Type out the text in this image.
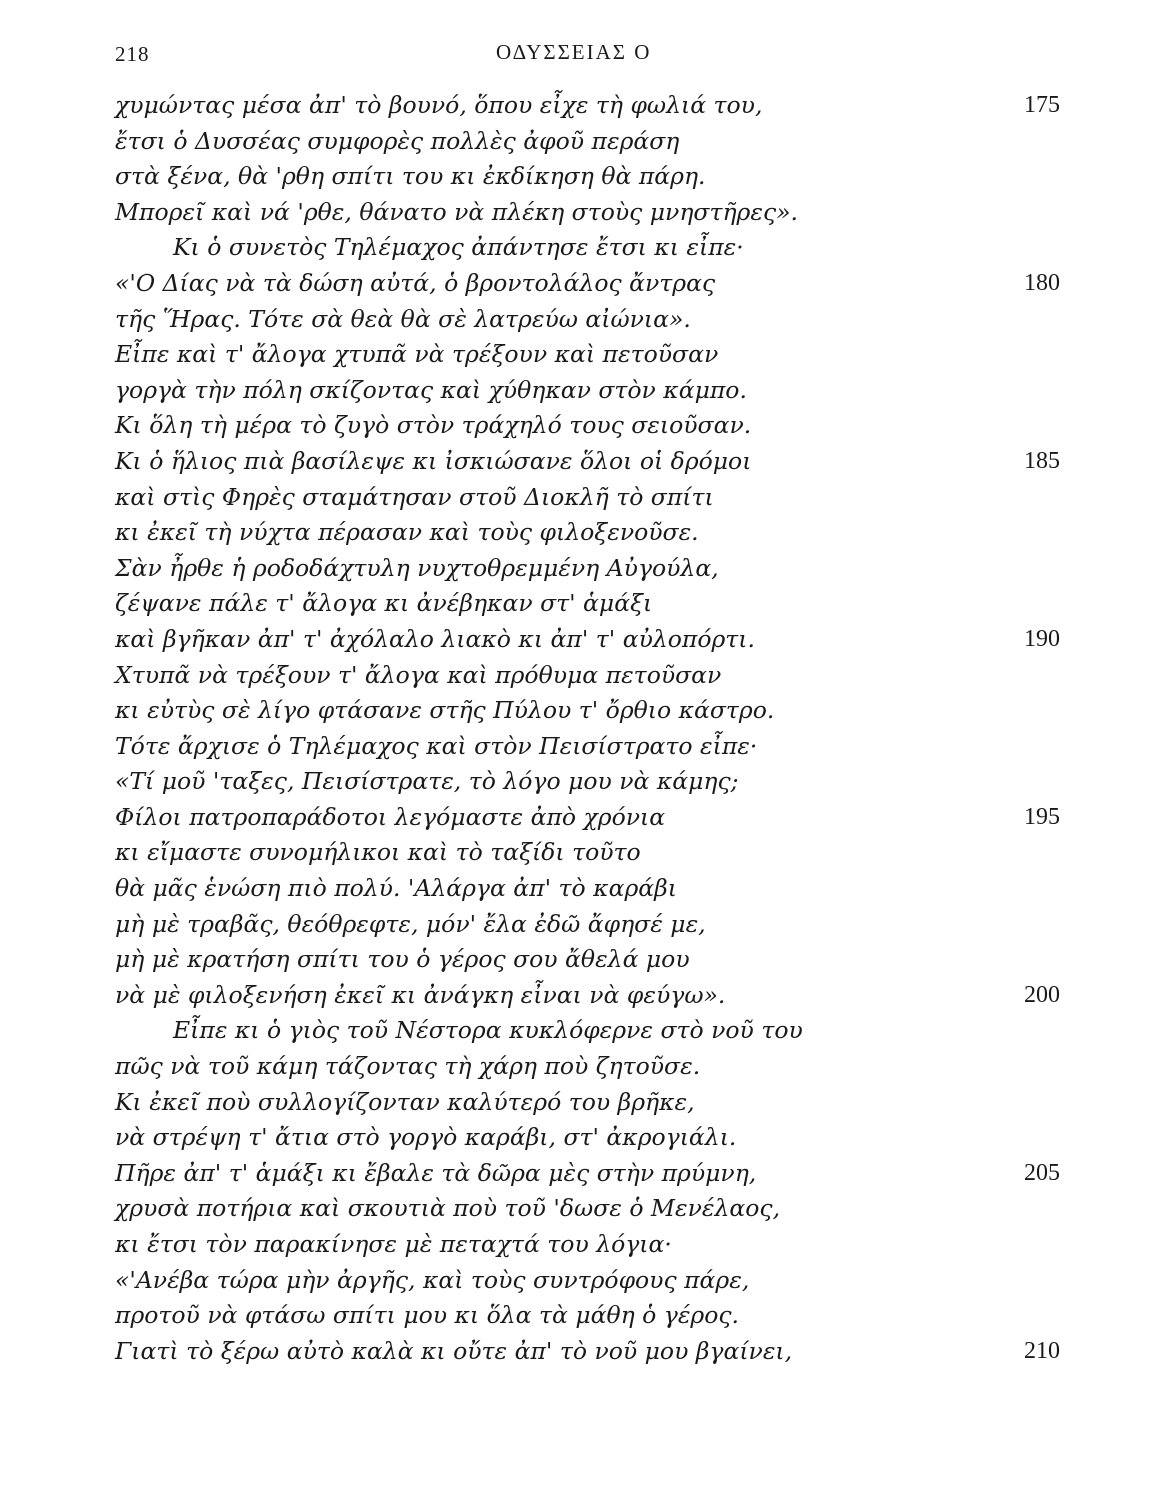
218	ΟΔΥΣΣΕΙΑΣ Ο
χυμώντας μέσα ἀπ' τὸ βουνό, ὅπου εἶχε τὴ φωλιά του,	175
ἔτσι ὁ Δυσσέας συμφορὲς πολλὲς ἀφοῦ περάση
στὰ ξένα, θὰ 'ρθη σπίτι του κι ἐκδίκηση θὰ πάρη.
Μπορεῖ καὶ νά 'ρθε, θάνατο νὰ πλέκη στοὺς μνηστῆρες».
Κι ὁ συνετὸς Τηλέμαχος ἀπάντησε ἔτσι κι εἶπε·
«'Ο Δίας νὰ τὰ δώση αὐτά, ὁ βροντολάλος ἄντρας	180
τῆς Ἥρας. Τότε σὰ θεὰ θὰ σὲ λατρεύω αἰώνια».
Εἶπε καὶ τ' ἄλογα χτυπᾶ νὰ τρέξουν καὶ πετοῦσαν
γοργὰ τὴν πόλη σκίζοντας καὶ χύθηκαν στὸν κάμπο.
Κι ὅλη τὴ μέρα τὸ ζυγὸ στὸν τράχηλό τους σειοῦσαν.
Κι ὁ ἥλιος πιὰ βασίλεψε κι ἰσκιώσανε ὅλοι οἱ δρόμοι	185
καὶ στὶς Φηρὲς σταμάτησαν στοῦ Διοκλῆ τὸ σπίτι
κι ἐκεῖ τὴ νύχτα πέρασαν καὶ τοὺς φιλοξενοῦσε.
Σὰν ἦρθε ἡ ροδοδάχτυλη νυχτοθρεμμένη Αὐγούλα,
ζέψανε πάλε τ' ἄλογα κι ἀνέβηκαν στ' ἁμάξι
καὶ βγῆκαν ἀπ' τ' ἀχόλαλο λιακὸ κι ἀπ' τ' αὐλοπόρτι.	190
Χτυπᾶ νὰ τρέξουν τ' ἄλογα καὶ πρόθυμα πετοῦσαν
κι εὐτὺς σὲ λίγο φτάσανε στῆς Πύλου τ' ὄρθιο κάστρο.
Τότε ἄρχισε ὁ Τηλέμαχος καὶ στὸν Πεισίστρατο εἶπε·
«Τί μοῦ 'ταξες, Πεισίστρατε, τὸ λόγο μου νὰ κάμης;
Φίλοι πατροπαράδοτοι λεγόμαστε ἀπὸ χρόνια	195
κι εἴμαστε συνομήλικοι καὶ τὸ ταξίδι τοῦτο
θὰ μᾶς ἑνώση πιὸ πολύ. 'Αλάργα ἀπ' τὸ καράβι
μὴ μὲ τραβᾶς, θεόθρεφτε, μόν' ἔλα ἐδῶ ἄφησέ με,
μὴ μὲ κρατήση σπίτι του ὁ γέρος σου ἄθελά μου
νὰ μὲ φιλοξενήση ἐκεῖ κι ἀνάγκη εἶναι νὰ φεύγω».	200
Εἶπε κι ὁ γιὸς τοῦ Νέστορα κυκλόφερνε στὸ νοῦ του
πῶς νὰ τοῦ κάμη τάζοντας τὴ χάρη ποὺ ζητοῦσε.
Κι ἐκεῖ ποὺ συλλογίζονταν καλύτερό του βρῆκε,
νὰ στρέψη τ' ἄτια στὸ γοργὸ καράβι, στ' ἀκρογιάλι.
Πῆρε ἀπ' τ' ἁμάξι κι ἔβαλε τὰ δῶρα μὲς στὴν πρύμνη,	205
χρυσὰ ποτήρια καὶ σκουτιὰ ποὺ τοῦ 'δωσε ὁ Μενέλαος,
κι ἔτσι τὸν παρακίνησε μὲ πεταχτά του λόγια·
«'Ανέβα τώρα μὴν ἀργῆς, καὶ τοὺς συντρόφους πάρε,
προτοῦ νὰ φτάσω σπίτι μου κι ὅλα τὰ μάθη ὁ γέρος.
Γιατὶ τὸ ξέρω αὐτὸ καλὰ κι οὔτε ἀπ' τὸ νοῦ μου βγαίνει,	210
